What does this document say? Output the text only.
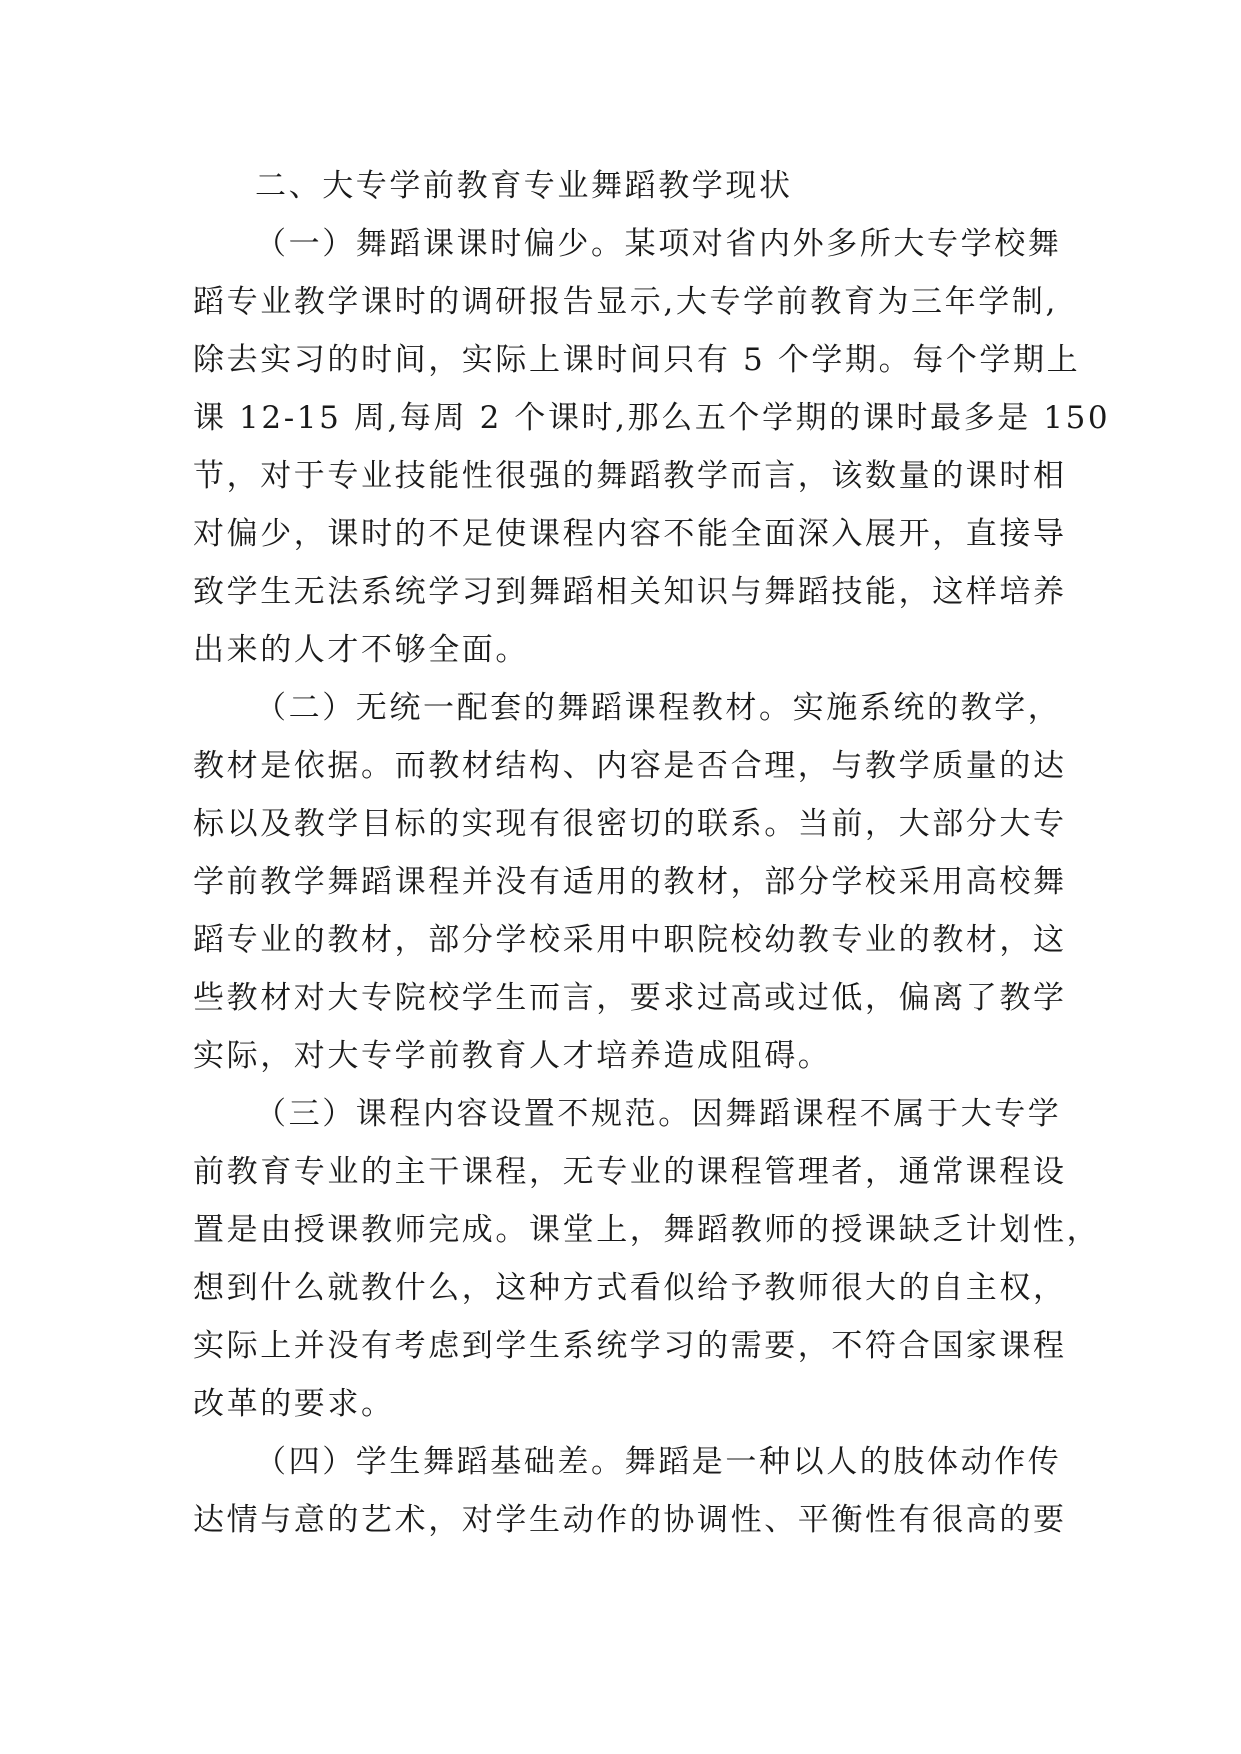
二、大专学前教育专业舞蹈教学现状
（一）舞蹈课课时偏少。某项对省内外多所大专学校舞
蹈专业教学课时的调研报告显示,大专学前教育为三年学制,
除去实习的时间，实际上课时间只有 5 个学期。每个学期上
课 12-15 周,每周 2 个课时,那么五个学期的课时最多是 150
节，对于专业技能性很强的舞蹈教学而言，该数量的课时相
对偏少，课时的不足使课程内容不能全面深入展开，直接导
致学生无法系统学习到舞蹈相关知识与舞蹈技能，这样培养
出来的人才不够全面。
（二）无统一配套的舞蹈课程教材。实施系统的教学，
教材是依据。而教材结构、内容是否合理，与教学质量的达
标以及教学目标的实现有很密切的联系。当前，大部分大专
学前教学舞蹈课程并没有适用的教材，部分学校采用高校舞
蹈专业的教材，部分学校采用中职院校幼教专业的教材，这
些教材对大专院校学生而言，要求过高或过低，偏离了教学
实际，对大专学前教育人才培养造成阻碍。
（三）课程内容设置不规范。因舞蹈课程不属于大专学
前教育专业的主干课程，无专业的课程管理者，通常课程设
置是由授课教师完成。课堂上，舞蹈教师的授课缺乏计划性，
想到什么就教什么，这种方式看似给予教师很大的自主权，
实际上并没有考虑到学生系统学习的需要，不符合国家课程
改革的要求。
（四）学生舞蹈基础差。舞蹈是一种以人的肢体动作传
达情与意的艺术，对学生动作的协调性、平衡性有很高的要
